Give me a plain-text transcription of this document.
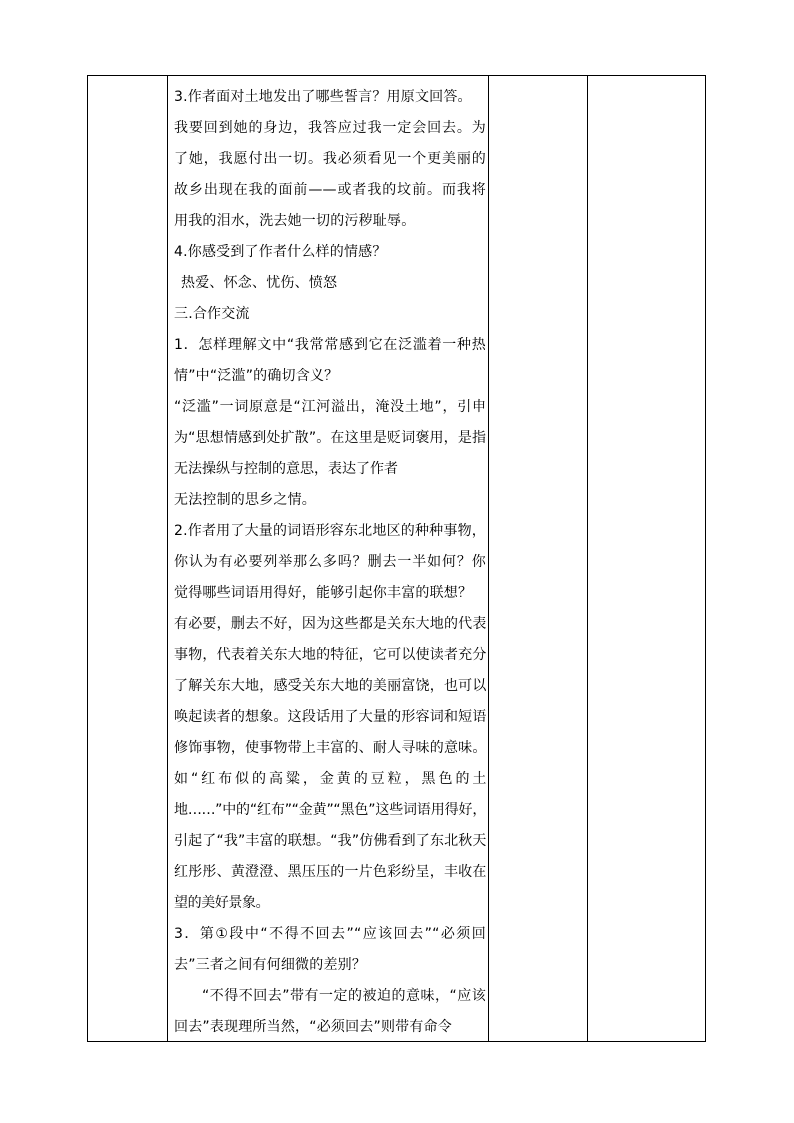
3.作者面对土地发出了哪些誓言？用原文回答。

我要回到她的身边，我答应过我一定会回去。为了她，我愿付出一切。我必须看见一个更美丽的故乡出现在我的面前——或者我的坟前。而我将用我的泪水，洗去她一切的污秽耻辱。

4.你感受到了作者什么样的情感？

热爱、怀念、忧伤、愤怒

三.合作交流

1．怎样理解文中“我常常感到它在泛滥着一种热情”中“泛滥”的确切含义？

“泛滥”一词原意是“江河溢出，淹没土地”，引申为“思想情感到处扩散”。在这里是贬词褒用，是指无法操纵与控制的意思，表达了作者

无法控制的思乡之情。

2.作者用了大量的词语形容东北地区的种种事物，你认为有必要列举那么多吗？删去一半如何？你觉得哪些词语用得好，能够引起你丰富的联想？

有必要，删去不好，因为这些都是关东大地的代表事物，代表着关东大地的特征，它可以使读者充分了解关东大地，感受关东大地的美丽富饶，也可以唤起读者的想象。这段话用了大量的形容词和短语修饰事物，使事物带上丰富的、耐人寻味的意味。如“红布似的高粱，金黄的豆粒，黑色的土地……”中的“红布”“金黄”“黑色”这些词语用得好，引起了“我”丰富的联想。“我”仿佛看到了东北秋天红彤彤、黄澄澄、黑压压的一片色彩纷呈，丰收在望的美好景象。

3．第①段中“不得不回去”“应该回去”“必须回去”三者之间有何细微的差别？

“不得不回去”带有一定的被迫的意味，“应该回去”表现理所当然，“必须回去”则带有命令
